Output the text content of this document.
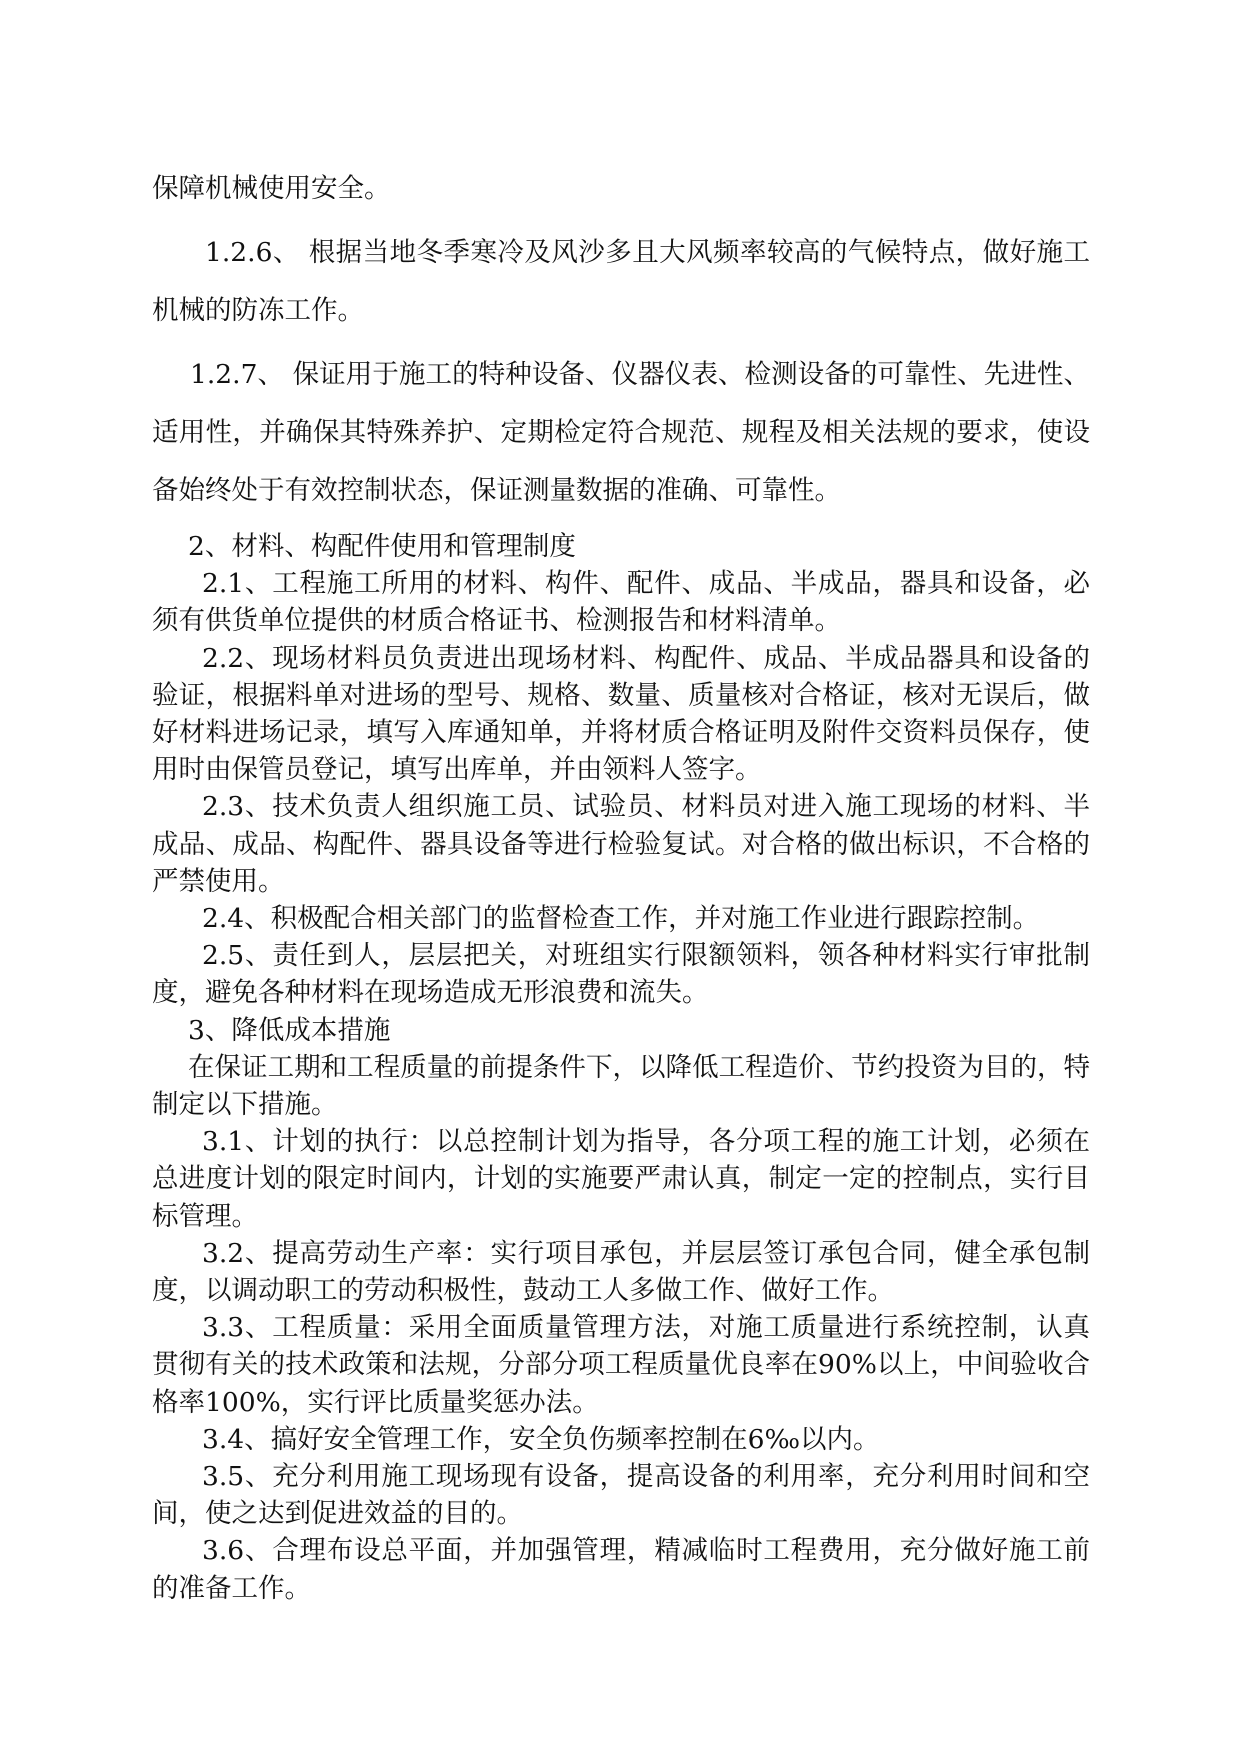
保障机械使用安全。

1.2.6、 根据当地冬季寒冷及风沙多且大风频率较高的气候特点，做好施工机械的防冻工作。

1.2.7、 保证用于施工的特种设备、仪器仪表、检测设备的可靠性、先进性、适用性，并确保其特殊养护、定期检定符合规范、规程及相关法规的要求，使设备始终处于有效控制状态，保证测量数据的准确、可靠性。

2、材料、构配件使用和管理制度

2.1、工程施工所用的材料、构件、配件、成品、半成品，器具和设备，必须有供货单位提供的材质合格证书、检测报告和材料清单。

2.2、现场材料员负责进出现场材料、构配件、成品、半成品器具和设备的验证，根据料单对进场的型号、规格、数量、质量核对合格证，核对无误后，做好材料进场记录，填写入库通知单，并将材质合格证明及附件交资料员保存，使用时由保管员登记，填写出库单，并由领料人签字。

2.3、技术负责人组织施工员、试验员、材料员对进入施工现场的材料、半成品、成品、构配件、器具设备等进行检验复试。对合格的做出标识，不合格的严禁使用。

2.4、积极配合相关部门的监督检查工作，并对施工作业进行跟踪控制。

2.5、责任到人，层层把关，对班组实行限额领料，领各种材料实行审批制度，避免各种材料在现场造成无形浪费和流失。

3、降低成本措施

在保证工期和工程质量的前提条件下，以降低工程造价、节约投资为目的，特制定以下措施。

3.1、计划的执行：以总控制计划为指导，各分项工程的施工计划，必须在总进度计划的限定时间内，计划的实施要严肃认真，制定一定的控制点，实行目标管理。

3.2、提高劳动生产率：实行项目承包，并层层签订承包合同，健全承包制度，以调动职工的劳动积极性，鼓动工人多做工作、做好工作。

3.3、工程质量：采用全面质量管理方法，对施工质量进行系统控制，认真贯彻有关的技术政策和法规，分部分项工程质量优良率在90%以上，中间验收合格率100%，实行评比质量奖惩办法。

3.4、搞好安全管理工作，安全负伤频率控制在6‰以内。

3.5、充分利用施工现场现有设备，提高设备的利用率，充分利用时间和空间，使之达到促进效益的目的。

3.6、合理布设总平面，并加强管理，精减临时工程费用，充分做好施工前的准备工作。
